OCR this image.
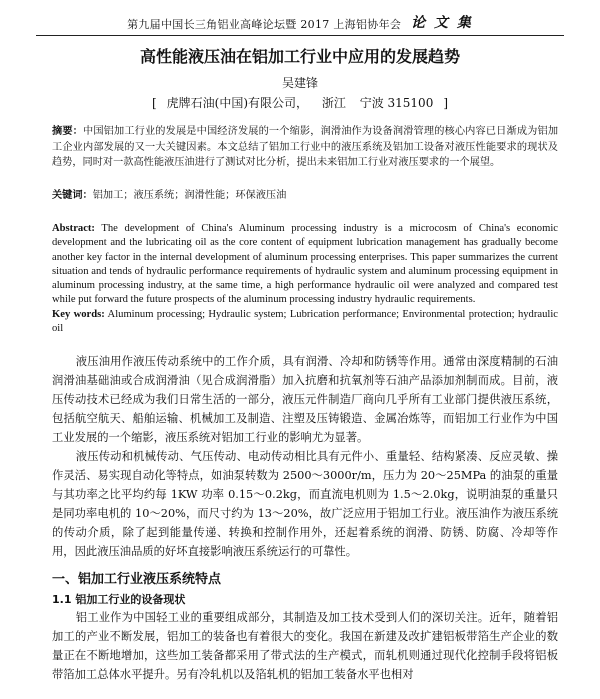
第九届中国长三角铝业高峰论坛暨 2017 上海铝协年会 论 文 集
高性能液压油在铝加工行业中应用的发展趋势
吴建锋
[ 虎牌石油(中国)有限公司， 浙江 宁波 315100 ]
摘要：中国铝加工行业的发展是中国经济发展的一个缩影，润滑油作为设备润滑管理的核心内容已日渐成为铝加工企业内部发展的又一大关键因素。本文总结了铝加工行业中的液压系统及铝加工设备对液压性能要求的现状及趋势，同时对一款高性能液压油进行了测试对比分析，提出未来铝加工行业对液压要求的一个展望。
关键词：铝加工；液压系统；润滑性能；环保液压油
Abstract: The development of China's Aluminum processing industry is a microcosm of China's economic development and the lubricating oil as the core content of equipment lubrication management has gradually become another key factor in the internal development of aluminum processing enterprises. This paper summarizes the current situation and tends of hydraulic performance requirements of hydraulic system and aluminum processing equipment in aluminum processing industry, at the same time, a high performance hydraulic oil were analyzed and compared test while put forward the future prospects of the aluminum processing industry hydraulic requirements.
Key words: Aluminum processing; Hydraulic system; Lubrication performance; Environmental protection; hydraulic oil
液压油用作液压传动系统中的工作介质，具有润滑、冷却和防锈等作用。通常由深度精制的石油润滑油基础油或合成润滑油（见合成润滑脂）加入抗磨和抗氧剂等石油产品添加剂制而成。目前，液压传动技术已经成为我们日常生活的一部分，液压元件制造厂商向几乎所有工业部门提供液压系统，包括航空航天、船舶运输、机械加工及制造、注塑及压铸锻造、金属冶炼等，而铝加工行业作为中国工业发展的一个缩影，液压系统对铝加工行业的影响尤为显著。
液压传动和机械传动、气压传动、电动传动相比具有元件小、重量轻、结构紧凑、反应灵敏、操作灵活、易实现自动化等特点，如油泵转数为 2500～3000r/m，压力为 20～25MPa 的油泵的重量与其功率之比平均约每 1KW 功率 0.15～0.2kg，而直流电机则为 1.5～2.0kg，说明油泵的重量只是同功率电机的 10～20%，而尺寸约为 13～20%，故广泛应用于铝加工行业。液压油作为液压系统的传动介质，除了起到能量传递、转换和控制作用外，还起着系统的润滑、防锈、防腐、冷却等作用，因此液压油品质的好坏直接影响液压系统运行的可靠性。
一、铝加工行业液压系统特点
1.1 铝加工行业的设备现状
铝工业作为中国轻工业的重要组成部分，其制造及加工技术受到人们的深切关注。近年，随着铝加工的产业不断发展，铝加工的装备也有着很大的变化。我国在新建及改扩建铝板带箔生产企业的数量正在不断地增加，这些加工装备都采用了带式法的生产模式，而轧机则通过现代化控制手段将铝板带箔加工总体水平提升。另有冷轧机以及箔轧机的铝加工装备水平也相对
